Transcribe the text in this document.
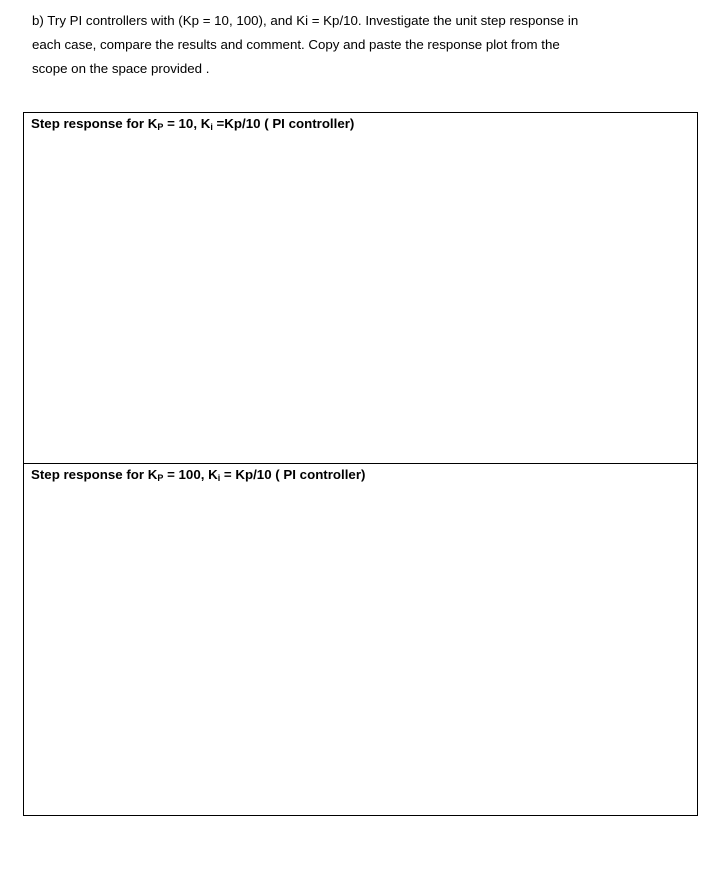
b) Try PI controllers with (Kp = 10, 100), and Ki = Kp/10. Investigate the unit step response in
each case, compare the results and comment. Copy and paste the response plot from the
scope on the space provided .

Step response for $K_P = 10$, $K_i =Kp/10$ ( PI controller)

Step response for $K_P = 100$, $K_i = Kp/10$ ( PI controller)
